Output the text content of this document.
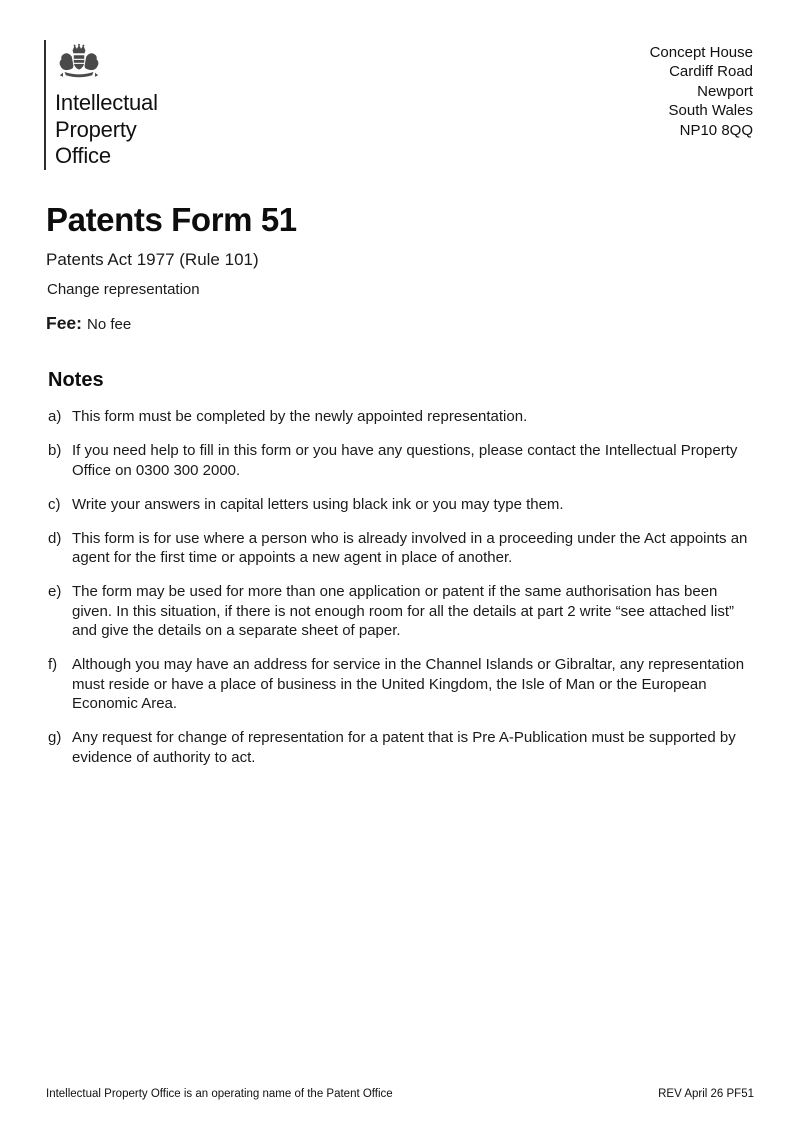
Intellectual
Property
Office
Concept House
Cardiff Road
Newport
South Wales
NP10 8QQ
Patents Form 51
Patents Act 1977 (Rule 101)
Change representation
Fee: No fee
Notes
a) This form must be completed by the newly appointed representation.
b) If you need help to fill in this form or you have any questions, please contact the Intellectual Property Office on 0300 300 2000.
c) Write your answers in capital letters using black ink or you may type them.
d) This form is for use where a person who is already involved in a proceeding under the Act appoints an agent for the first time or appoints a new agent in place of another.
e) The form may be used for more than one application or patent if the same authorisation has been given. In this situation, if there is not enough room for all the details at part 2 write “see attached list” and give the details on a separate sheet of paper.
f) Although you may have an address for service in the Channel Islands or Gibraltar, any representation must reside or have a place of business in the United Kingdom, the Isle of Man or the European Economic Area.
g) Any request for change of representation for a patent that is Pre A-Publication must be supported by evidence of authority to act.
Intellectual Property Office is an operating name of the Patent Office	REV April 26 PF51
